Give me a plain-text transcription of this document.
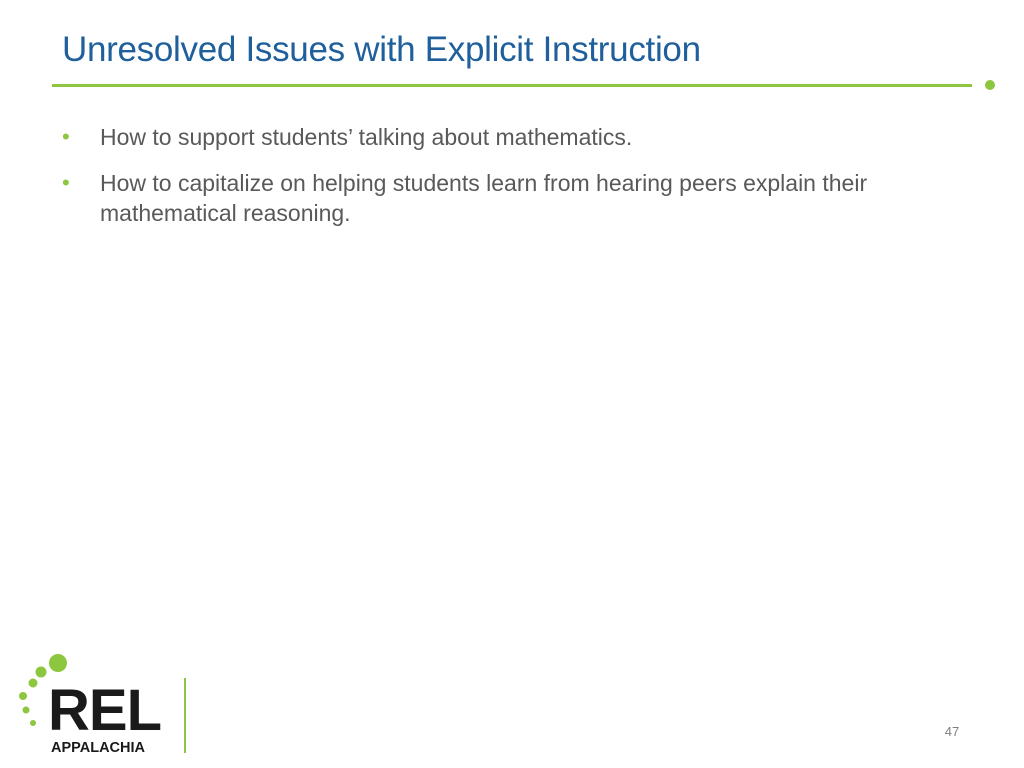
Unresolved Issues with Explicit Instruction
• How to support students’ talking about mathematics.
• How to capitalize on helping students learn from hearing peers explain their mathematical reasoning.
REL
APPALACHIA
47
